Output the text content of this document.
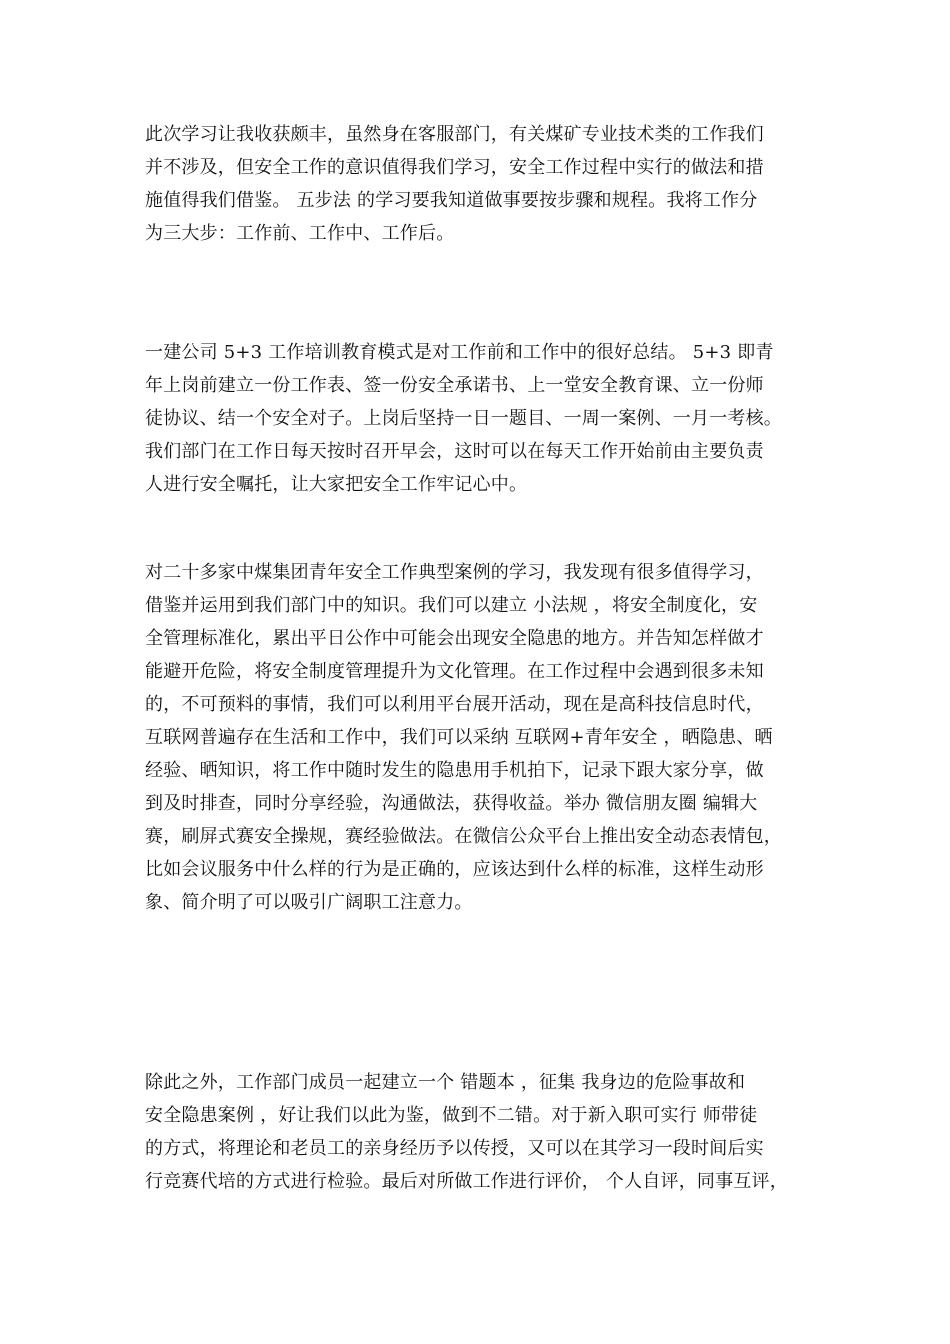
此次学习让我收获颇丰，虽然身在客服部门，有关煤矿专业技术类的工作我们
并不涉及，但安全工作的意识值得我们学习，安全工作过程中实行的做法和措
施值得我们借鉴。 五步法 的学习要我知道做事要按步骤和规程。我将工作分
为三大步：工作前、工作中、工作后。
一建公司 5+3 工作培训教育模式是对工作前和工作中的很好总结。 5+3 即青
年上岗前建立一份工作表、签一份安全承诺书、上一堂安全教育课、立一份师
徒协议、结一个安全对子。上岗后坚持一日一题目、一周一案例、一月一考核。
我们部门在工作日每天按时召开早会，这时可以在每天工作开始前由主要负责
人进行安全嘱托，让大家把安全工作牢记心中。
对二十多家中煤集团青年安全工作典型案例的学习，我发现有很多值得学习，
借鉴并运用到我们部门中的知识。我们可以建立 小法规 ，将安全制度化，安
全管理标准化，累出平日公作中可能会出现安全隐患的地方。并告知怎样做才
能避开危险，将安全制度管理提升为文化管理。在工作过程中会遇到很多未知
的，不可预料的事情，我们可以利用平台展开活动，现在是高科技信息时代，
互联网普遍存在生活和工作中，我们可以采纳 互联网+青年安全 ，晒隐患、晒
经验、晒知识，将工作中随时发生的隐患用手机拍下，记录下跟大家分享，做
到及时排查，同时分享经验，沟通做法，获得收益。举办 微信朋友圈 编辑大
赛，刷屏式赛安全操规，赛经验做法。在微信公众平台上推出安全动态表情包，
比如会议服务中什么样的行为是正确的，应该达到什么样的标准，这样生动形
象、简介明了可以吸引广阔职工注意力。
除此之外，工作部门成员一起建立一个 错题本 ，征集 我身边的危险事故和
安全隐患案例 ，好让我们以此为鉴，做到不二错。对于新入职可实行 师带徒
的方式，将理论和老员工的亲身经历予以传授，又可以在其学习一段时间后实
行竞赛代培的方式进行检验。最后对所做工作进行评价， 个人自评，同事互评，
